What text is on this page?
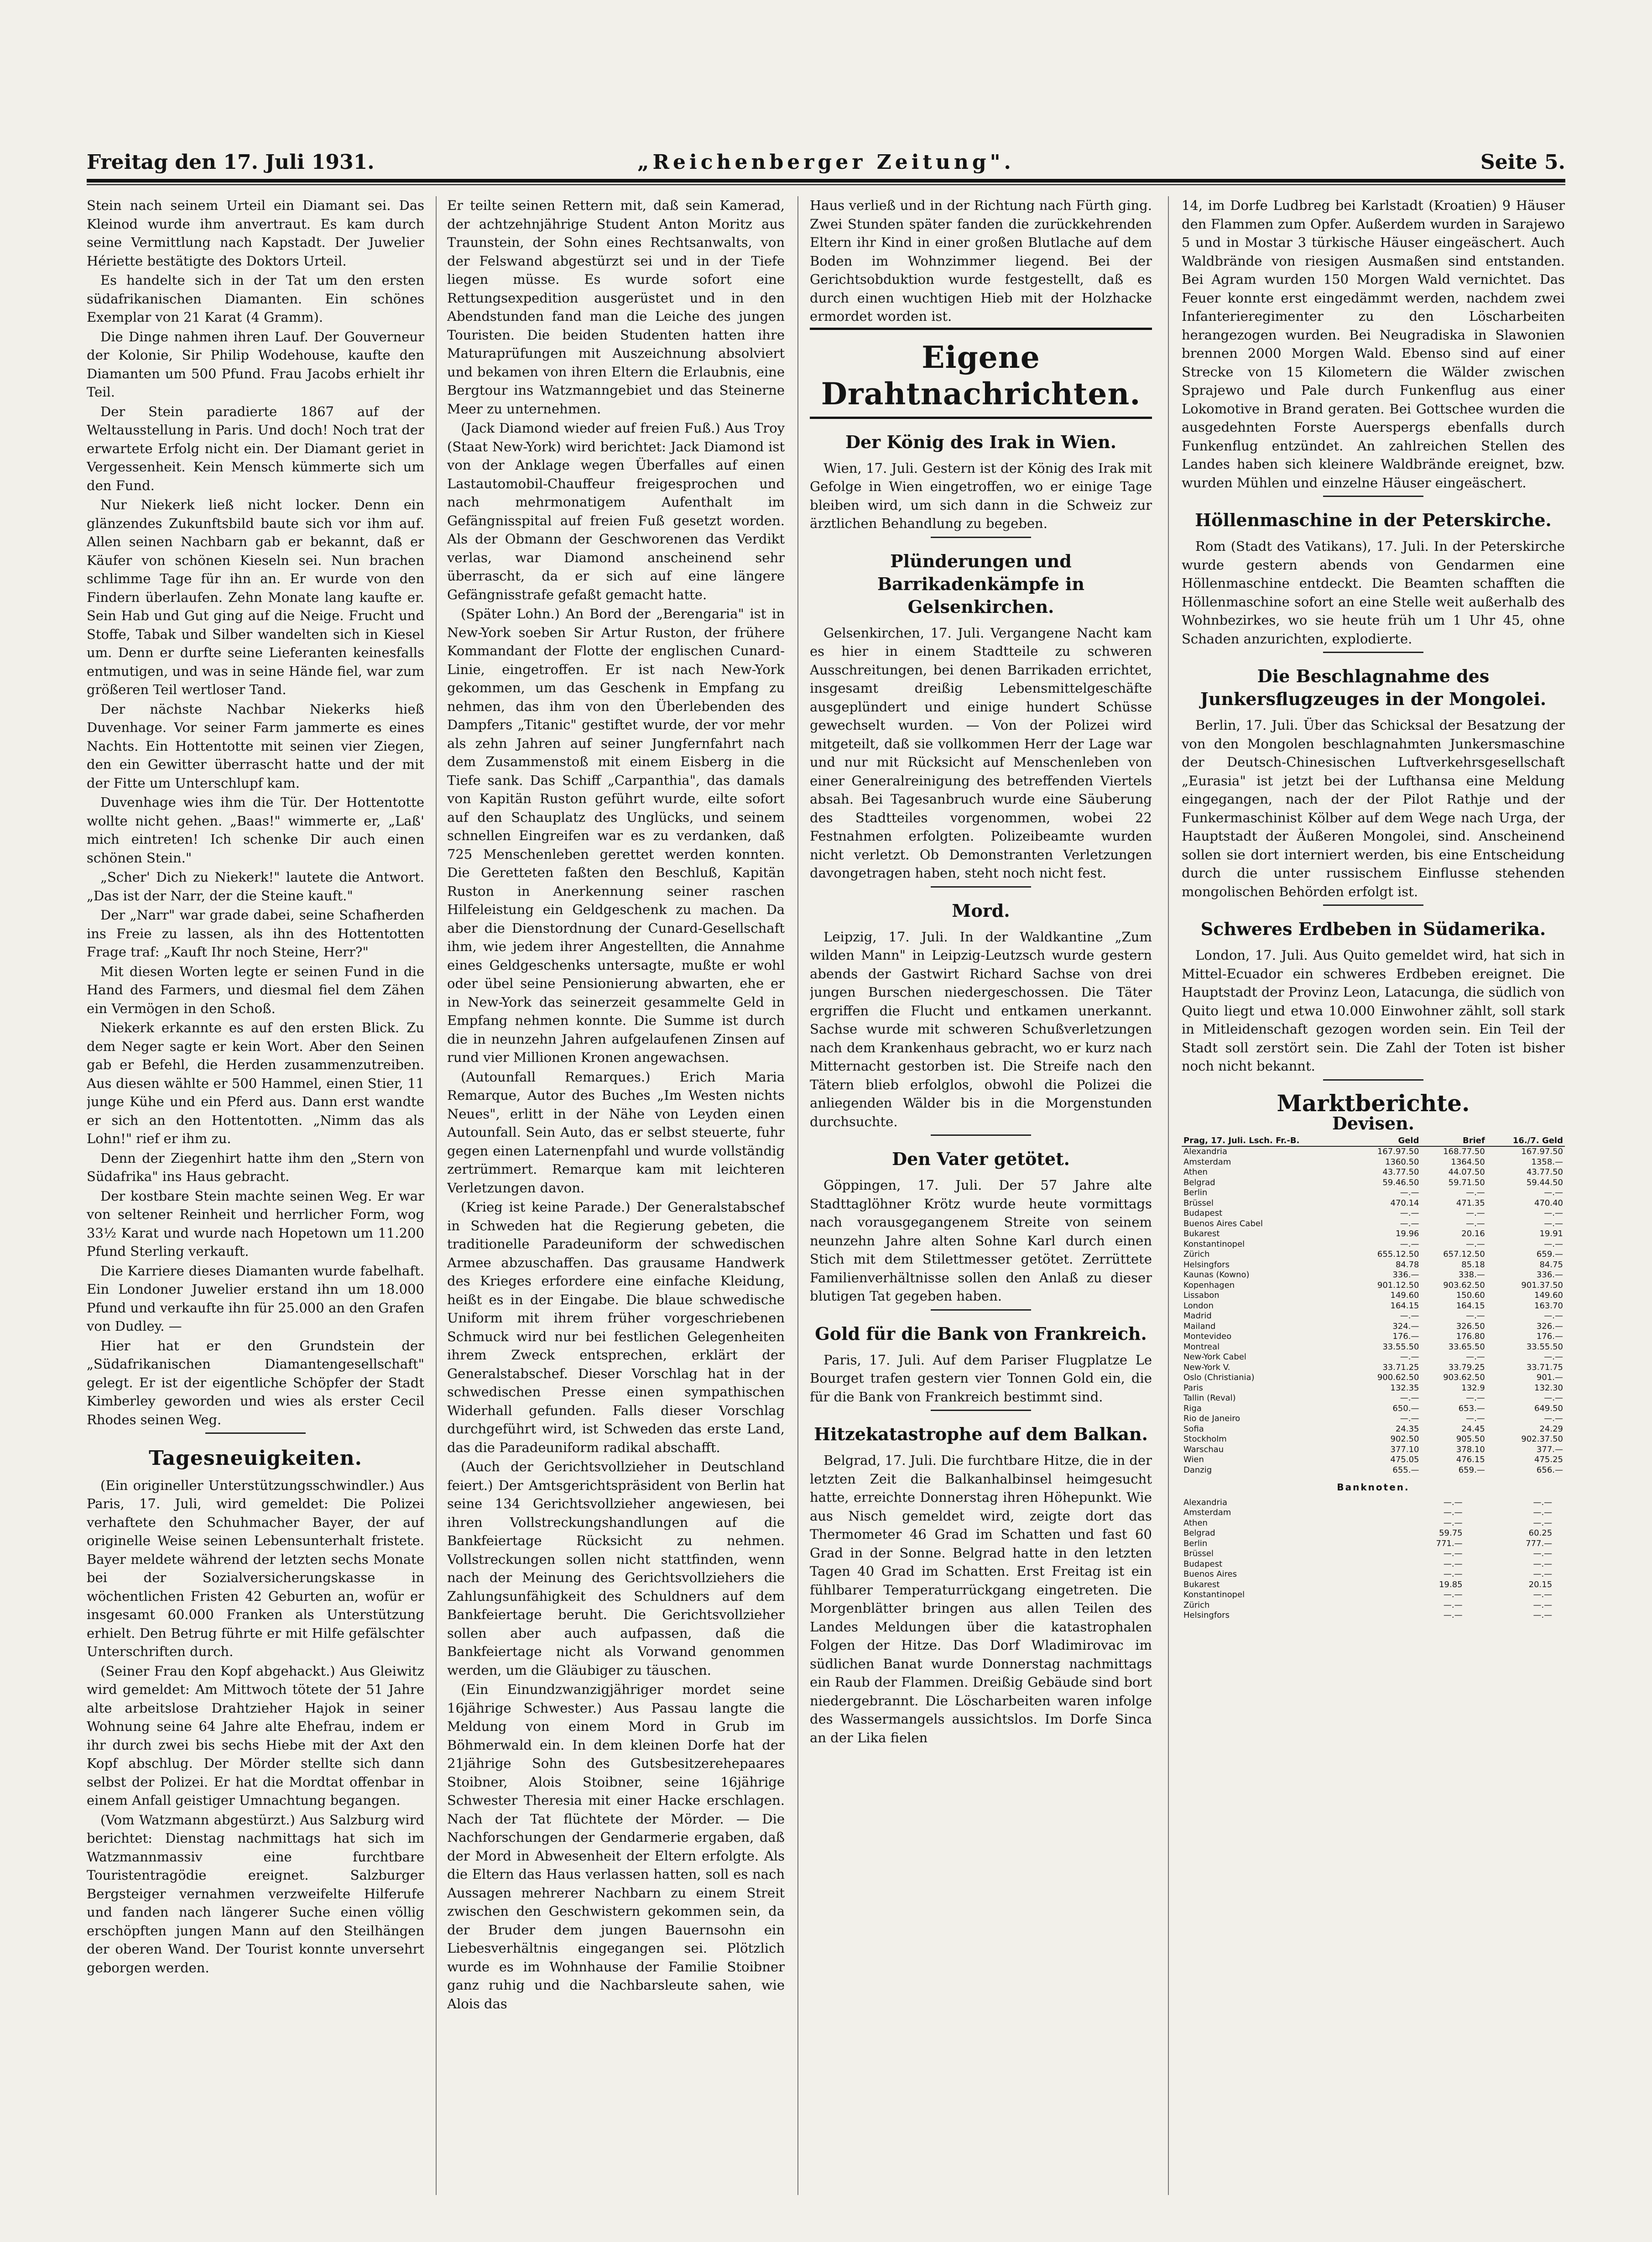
„Reichenberger Zeitung".
Freitag den 17. Juli 1931.	Seite 5.

Stein nach seinem Urteil ein Diamant sei. Das Kleinod wurde ihm anvertraut. Es kam durch seine Vermittlung nach Kapstadt. Der Juwelier Hériette bestätigte des Doktors Urteil.

Es handelte sich in der Tat um den ersten südafrikanischen Diamanten. Ein schönes Exemplar von 21 Karat (4 Gramm).

Die Dinge nahmen ihren Lauf. Der Gouverneur der Kolonie, Sir Philip Wodehouse, kaufte den Diamanten um 500 Pfund. Frau Jacobs erhielt ihr Teil.

Der Stein paradierte 1867 auf der Weltausstellung in Paris. Und doch! Noch trat der erwartete Erfolg nicht ein. Der Diamant geriet in Vergessenheit. Kein Mensch kümmerte sich um den Fund.

Nur Niekerk ließ nicht locker. Denn ein glänzendes Zukunftsbild baute sich vor ihm auf. Allen seinen Nachbarn gab er bekannt, daß er Käufer von schönen Kieseln sei. Nun brachen schlimme Tage für ihn an. Er wurde von den Findern überlaufen. Zehn Monate lang kaufte er. Sein Hab und Gut ging auf die Neige. Frucht und Stoffe, Tabak und Silber wandelten sich in Kiesel um. Denn er durfte seine Lieferanten keinesfalls entmutigen, und was in seine Hände fiel, war zum größeren Teil wertloser Tand.

Der nächste Nachbar Niekerks hieß Duvenhage. Vor seiner Farm jammerte es eines Nachts. Ein Hottentotte mit seinen vier Ziegen, den ein Gewitter überrascht hatte und der mit der Fitte um Unterschlupf kam.

Duvenhage wies ihm die Tür. Der Hottentotte wollte nicht gehen. „Baas!" wimmerte er, „Laß' mich eintreten! Ich schenke Dir auch einen schönen Stein."

„Scher' Dich zu Niekerk!" lautete die Antwort. „Das ist der Narr, der die Steine kauft."

Der „Narr" war grade dabei, seine Schafherden ins Freie zu lassen, als ihn des Hottentotten Frage traf: „Kauft Ihr noch Steine, Herr?"

Mit diesen Worten legte er seinen Fund in die Hand des Farmers, und diesmal fiel dem Zähen ein Vermögen in den Schoß.

Niekerk erkannte es auf den ersten Blick. Zu dem Neger sagte er kein Wort. Aber den Seinen gab er Befehl, die Herden zusammenzutreiben. Aus diesen wählte er 500 Hammel, einen Stier, 11 junge Kühe und ein Pferd aus. Dann erst wandte er sich an den Hottentotten. „Nimm das als Lohn!" rief er ihm zu.

Denn der Ziegenhirt hatte ihm den „Stern von Südafrika" ins Haus gebracht.

Der kostbare Stein machte seinen Weg. Er war von seltener Reinheit und herrlicher Form, wog 33½ Karat und wurde nach Hopetown um 11.200 Pfund Sterling verkauft.

Die Karriere dieses Diamanten wurde fabelhaft. Ein Londoner Juwelier erstand ihn um 18.000 Pfund und verkaufte ihn für 25.000 an den Grafen von Dudley. —

Hier hat er den Grundstein der „Südafrikanischen Diamantengesellschaft" gelegt. Er ist der eigentliche Schöpfer der Stadt Kimberley geworden und wies als erster Cecil Rhodes seinen Weg.

Tagesneuigkeiten.

(Ein origineller Unterstützungsschwindler.) Aus Paris, 17. Juli, wird gemeldet: Die Polizei verhaftete den Schuhmacher Bayer, der auf originelle Weise seinen Lebensunterhalt fristete. Bayer meldete während der letzten sechs Monate bei der Sozialversicherungskasse in wöchentlichen Fristen 42 Geburten an, wofür er insgesamt 60.000 Franken als Unterstützung erhielt. Den Betrug führte er mit Hilfe gefälschter Unterschriften durch.

(Seiner Frau den Kopf abgehackt.) Aus Gleiwitz wird gemeldet: Am Mittwoch tötete der 51 Jahre alte arbeitslose Drahtzieher Hajok in seiner Wohnung seine 64 Jahre alte Ehefrau, indem er ihr durch zwei bis sechs Hiebe mit der Axt den Kopf abschlug. Der Mörder stellte sich dann selbst der Polizei. Er hat die Mordtat offenbar in einem Anfall geistiger Umnachtung begangen.

(Vom Watzmann abgestürzt.) Aus Salzburg wird berichtet: Dienstag nachmittags hat sich im Watzmannmassiv eine furchtbare Touristentragödie ereignet. Salzburger Bergsteiger vernahmen verzweifelte Hilferufe und fanden nach längerer Suche einen völlig erschöpften jungen Mann auf den Steilhängen der oberen Wand. Der Tourist konnte unversehrt geborgen werden.

Er teilte seinen Rettern mit, daß sein Kamerad, der achtzehnjährige Student Anton Moritz aus Traunstein, der Sohn eines Rechtsanwalts, von der Felswand abgestürzt sei und in der Tiefe liegen müsse. Es wurde sofort eine Rettungsexpedition ausgerüstet und in den Abendstunden fand man die Leiche des jungen Touristen. Die beiden Studenten hatten ihre Maturaprüfungen mit Auszeichnung absolviert und bekamen von ihren Eltern die Erlaubnis, eine Bergtour ins Watzmanngebiet und das Steinerne Meer zu unternehmen.

(Jack Diamond wieder auf freien Fuß.) Aus Troy (Staat New-York) wird berichtet: Jack Diamond ist von der Anklage wegen Überfalles auf einen Lastautomobil-Chauffeur freigesprochen und nach mehrmonatigem Aufenthalt im Gefängnisspital auf freien Fuß gesetzt worden. Als der Obmann der Geschworenen das Verdikt verlas, war Diamond anscheinend sehr überrascht, da er sich auf eine längere Gefängnisstrafe gefaßt gemacht hatte.

(Später Lohn.) An Bord der „Berengaria" ist in New-York soeben Sir Artur Ruston, der frühere Kommandant der Flotte der englischen Cunard-Linie, eingetroffen. Er ist nach New-York gekommen, um das Geschenk in Empfang zu nehmen, das ihm von den Überlebenden des Dampfers „Titanic" gestiftet wurde, der vor mehr als zehn Jahren auf seiner Jungfernfahrt nach dem Zusammenstoß mit einem Eisberg in die Tiefe sank. Das Schiff „Carpanthia", das damals von Kapitän Ruston geführt wurde, eilte sofort auf den Schauplatz des Unglücks, und seinem schnellen Eingreifen war es zu verdanken, daß 725 Menschenleben gerettet werden konnten. Die Geretteten faßten den Beschluß, Kapitän Ruston in Anerkennung seiner raschen Hilfeleistung ein Geldgeschenk zu machen. Da aber die Dienstordnung der Cunard-Gesellschaft ihm, wie jedem ihrer Angestellten, die Annahme eines Geldgeschenks untersagte, mußte er wohl oder übel seine Pensionierung abwarten, ehe er in New-York das seinerzeit gesammelte Geld in Empfang nehmen konnte. Die Summe ist durch die in neunzehn Jahren aufgelaufenen Zinsen auf rund vier Millionen Kronen angewachsen.

(Autounfall Remarques.) Erich Maria Remarque, Autor des Buches „Im Westen nichts Neues", erlitt in der Nähe von Leyden einen Autounfall. Sein Auto, das er selbst steuerte, fuhr gegen einen Laternenpfahl und wurde vollständig zertrümmert. Remarque kam mit leichteren Verletzungen davon.

(Krieg ist keine Parade.) Der Generalstabschef in Schweden hat die Regierung gebeten, die traditionelle Paradeuniform der schwedischen Armee abzuschaffen. Das grausame Handwerk des Krieges erfordere eine einfache Kleidung, heißt es in der Eingabe. Die blaue schwedische Uniform mit ihrem früher vorgeschriebenen Schmuck wird nur bei festlichen Gelegenheiten ihrem Zweck entsprechen, erklärt der Generalstabschef. Dieser Vorschlag hat in der schwedischen Presse einen sympathischen Widerhall gefunden. Falls dieser Vorschlag durchgeführt wird, ist Schweden das erste Land, das die Paradeuniform radikal abschafft.

(Auch der Gerichtsvollzieher in Deutschland feiert.) Der Amtsgerichtspräsident von Berlin hat seine 134 Gerichtsvollzieher angewiesen, bei ihren Vollstreckungshandlungen auf die Bankfeiertage Rücksicht zu nehmen. Vollstreckungen sollen nicht stattfinden, wenn nach der Meinung des Gerichtsvollziehers die Zahlungsunfähigkeit des Schuldners auf dem Bankfeiertage beruht. Die Gerichtsvollzieher sollen aber auch aufpassen, daß die Bankfeiertage nicht als Vorwand genommen werden, um die Gläubiger zu täuschen.

(Ein Einundzwanzigjähriger mordet seine 16jährige Schwester.) Aus Passau langte die Meldung von einem Mord in Grub im Böhmerwald ein. In dem kleinen Dorfe hat der 21jährige Sohn des Gutsbesitzerehepaares Stoibner, Alois Stoibner, seine 16jährige Schwester Theresia mit einer Hacke erschlagen. Nach der Tat flüchtete der Mörder. — Die Nachforschungen der Gendarmerie ergaben, daß der Mord in Abwesenheit der Eltern erfolgte. Als die Eltern das Haus verlassen hatten, soll es nach Aussagen mehrerer Nachbarn zu einem Streit zwischen den Geschwistern gekommen sein, da der Bruder dem jungen Bauernsohn ein Liebesverhältnis eingegangen sei. Plötzlich wurde es im Wohnhause der Familie Stoibner ganz ruhig und die Nachbarsleute sahen, wie Alois das

Haus verließ und in der Richtung nach Fürth ging. Zwei Stunden später fanden die zurückkehrenden Eltern ihr Kind in einer großen Blutlache auf dem Boden im Wohnzimmer liegend. Bei der Gerichtsobduktion wurde festgestellt, daß es durch einen wuchtigen Hieb mit der Holzhacke ermordet worden ist.

Eigene Drahtnachrichten.
Der König des Irak in Wien.

Wien, 17. Juli. Gestern ist der König des Irak mit Gefolge in Wien eingetroffen, wo er einige Tage bleiben wird, um sich dann in die Schweiz zur ärztlichen Behandlung zu begeben.

Plünderungen und Barrikadenkämpfe in Gelsenkirchen.

Gelsenkirchen, 17. Juli. Vergangene Nacht kam es hier in einem Stadtteile zu schweren Ausschreitungen, bei denen Barrikaden errichtet, insgesamt dreißig Lebensmittelgeschäfte ausgeplündert und einige hundert Schüsse gewechselt wurden. — Von der Polizei wird mitgeteilt, daß sie vollkommen Herr der Lage war und nur mit Rücksicht auf Menschenleben von einer Generalreinigung des betreffenden Viertels absah. Bei Tagesanbruch wurde eine Säuberung des Stadtteiles vorgenommen, wobei 22 Festnahmen erfolgten. Polizeibeamte wurden nicht verletzt. Ob Demonstranten Verletzungen davongetragen haben, steht noch nicht fest.

Mord.

Leipzig, 17. Juli. In der Waldkantine „Zum wilden Mann" in Leipzig-Leutzsch wurde gestern abends der Gastwirt Richard Sachse von drei jungen Burschen niedergeschossen. Die Täter ergriffen die Flucht und entkamen unerkannt. Sachse wurde mit schweren Schußverletzungen nach dem Krankenhaus gebracht, wo er kurz nach Mitternacht gestorben ist. Die Streife nach den Tätern blieb erfolglos, obwohl die Polizei die anliegenden Wälder bis in die Morgenstunden durchsuchte.

Den Vater getötet.

Göppingen, 17. Juli. Der 57 Jahre alte Stadttaglöhner Krötz wurde heute vormittags nach vorausgegangenem Streite von seinem neunzehn Jahre alten Sohne Karl durch einen Stich mit dem Stilettmesser getötet. Zerrüttete Familienverhältnisse sollen den Anlaß zu dieser blutigen Tat gegeben haben.

Gold für die Bank von Frankreich.

Paris, 17. Juli. Auf dem Pariser Flugplatze Le Bourget trafen gestern vier Tonnen Gold ein, die für die Bank von Frankreich bestimmt sind.

Hitzekatastrophe auf dem Balkan.

Belgrad, 17. Juli. Die furchtbare Hitze, die in der letzten Zeit die Balkanhalbinsel heimgesucht hatte, erreichte Donnerstag ihren Höhepunkt. Wie aus Nisch gemeldet wird, zeigte dort das Thermometer 46 Grad im Schatten und fast 60 Grad in der Sonne. Belgrad hatte in den letzten Tagen 40 Grad im Schatten. Erst Freitag ist ein fühlbarer Temperaturrückgang eingetreten. Die Morgenblätter bringen aus allen Teilen des Landes Meldungen über die katastrophalen Folgen der Hitze. Das Dorf Wladimirovac im südlichen Banat wurde Donnerstag nachmittags ein Raub der Flammen. Dreißig Gebäude sind bort niedergebrannt. Die Löscharbeiten waren infolge des Wassermangels aussichtslos. Im Dorfe Sinca an der Lika fielen

14, im Dorfe Ludbreg bei Karlstadt (Kroatien) 9 Häuser den Flammen zum Opfer. Außerdem wurden in Sarajewo 5 und in Mostar 3 türkische Häuser eingeäschert. Auch Waldbrände von riesigen Ausmaßen sind entstanden. Bei Agram wurden 150 Morgen Wald vernichtet. Das Feuer konnte erst eingedämmt werden, nachdem zwei Infanterieregimenter zu den Löscharbeiten herangezogen wurden. Bei Neugradiska in Slawonien brennen 2000 Morgen Wald. Ebenso sind auf einer Strecke von 15 Kilometern die Wälder zwischen Sprajewo und Pale durch Funkenflug aus einer Lokomotive in Brand geraten. Bei Gottschee wurden die ausgedehnten Forste Auerspergs ebenfalls durch Funkenflug entzündet. An zahlreichen Stellen des Landes haben sich kleinere Waldbrände ereignet, bzw. wurden Mühlen und einzelne Häuser eingeäschert.

Höllenmaschine in der Peterskirche.

Rom (Stadt des Vatikans), 17. Juli. In der Peterskirche wurde gestern abends von Gendarmen eine Höllenmaschine entdeckt. Die Beamten schafften die Höllenmaschine sofort an eine Stelle weit außerhalb des Wohnbezirkes, wo sie heute früh um 1 Uhr 45, ohne Schaden anzurichten, explodierte.

Die Beschlagnahme des Junkersflugzeuges in der Mongolei.

Berlin, 17. Juli. Über das Schicksal der Besatzung der von den Mongolen beschlagnahmten Junkersmaschine der Deutsch-Chinesischen Luftverkehrsgesellschaft „Eurasia" ist jetzt bei der Lufthansa eine Meldung eingegangen, nach der der Pilot Rathje und der Funkermaschinist Kölber auf dem Wege nach Urga, der Hauptstadt der Äußeren Mongolei, sind. Anscheinend sollen sie dort interniert werden, bis eine Entscheidung durch die unter russischem Einflusse stehenden mongolischen Behörden erfolgt ist.

Schweres Erdbeben in Südamerika.

London, 17. Juli. Aus Quito gemeldet wird, hat sich in Mittel-Ecuador ein schweres Erdbeben ereignet. Die Hauptstadt der Provinz Leon, Latacunga, die südlich von Quito liegt und etwa 10.000 Einwohner zählt, soll stark in Mitleidenschaft gezogen worden sein. Ein Teil der Stadt soll zerstört sein. Die Zahl der Toten ist bisher noch nicht bekannt.

Marktberichte.
Devisen.
Prag, 17. Juli. Lsch. Fr.-B.	Geld	Brief	16./7. Geld
Alexandria	167.97.50	168.77.50	167.97.50
Amsterdam	1360.50	1364.50	1358.—
Athen	43.77.50	44.07.50	43.77.50
Belgrad	59.46.50	59.71.50	59.44.50
Berlin	—.—	—.—	—.—
Brüssel	470.14	471.35	470.40
Budapest	—.—	—.—	—.—
Buenos Aires Cabel	—.—	—.—	—.—
Bukarest	19.96	20.16	19.91
Konstantinopel	—.—	—.—	—.—
Zürich	655.12.50	657.12.50	659.—
Helsingfors	84.78	85.18	84.75
Kaunas (Kowno)	336.—	338.—	336.—
Kopenhagen	901.12.50	903.62.50	901.37.50
Lissabon	149.60	150.60	149.60
London	164.15	164.15	163.70
Madrid	—.—	—.—	—.—
Mailand	324.—	326.50	326.—
Montevideo	176.—	176.80	176.—
Montreal	33.55.50	33.65.50	33.55.50
New-York Cabel	—.—	—.—	—.—
New-York V.	33.71.25	33.79.25	33.71.75
Oslo (Christiania)	900.62.50	903.62.50	901.—
Paris	132.35	132.9	132.30
Tallin (Reval)	—.—	—.—	—.—
Riga	650.—	653.—	649.50
Rio de Janeiro	—.—	—.—	—.—
Sofia	24.35	24.45	24.29
Stockholm	902.50	905.50	902.37.50
Warschau	377.10	378.10	377.—
Wien	475.05	476.15	475.25
Danzig	655.—	659.—	656.—
Banknoten.
Alexandria	—.—	—.—	
Amsterdam	—.—	—.—	
Athen	—.—	—.—	
Belgrad	59.75	60.25	
Berlin	771.—	777.—	
Brüssel	—.—	—.—	
Budapest	—.—	—.—	
Buenos Aires	—.—	—.—	
Bukarest	19.85	20.15	
Konstantinopel	—.—	—.—	
Zürich	—.—	—.—	
Helsingfors	—.—	—.—	
